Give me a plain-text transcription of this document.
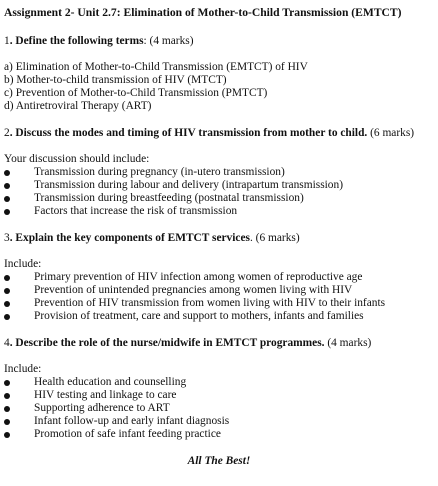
Assignment 2- Unit 2.7: Elimination of Mother-to-Child Transmission (EMTCT)

1. Define the following terms: (4 marks)

a) Elimination of Mother-to-Child Transmission (EMTCT) of HIV

b) Mother-to-child transmission of HIV (MTCT)

c) Prevention of Mother-to-Child Transmission (PMTCT)

d) Antiretroviral Therapy (ART)

2. Discuss the modes and timing of HIV transmission from mother to child. (6 marks)

Your discussion should include:

Transmission during pregnancy (in-utero transmission)
Transmission during labour and delivery (intrapartum transmission)
Transmission during breastfeeding (postnatal transmission)
Factors that increase the risk of transmission

3. Explain the key components of EMTCT services. (6 marks)

Include:

Primary prevention of HIV infection among women of reproductive age
Prevention of unintended pregnancies among women living with HIV
Prevention of HIV transmission from women living with HIV to their infants
Provision of treatment, care and support to mothers, infants and families

4. Describe the role of the nurse/midwife in EMTCT programmes. (4 marks)

Include:

Health education and counselling
HIV testing and linkage to care
Supporting adherence to ART
Infant follow-up and early infant diagnosis
Promotion of safe infant feeding practice
All The Best!
